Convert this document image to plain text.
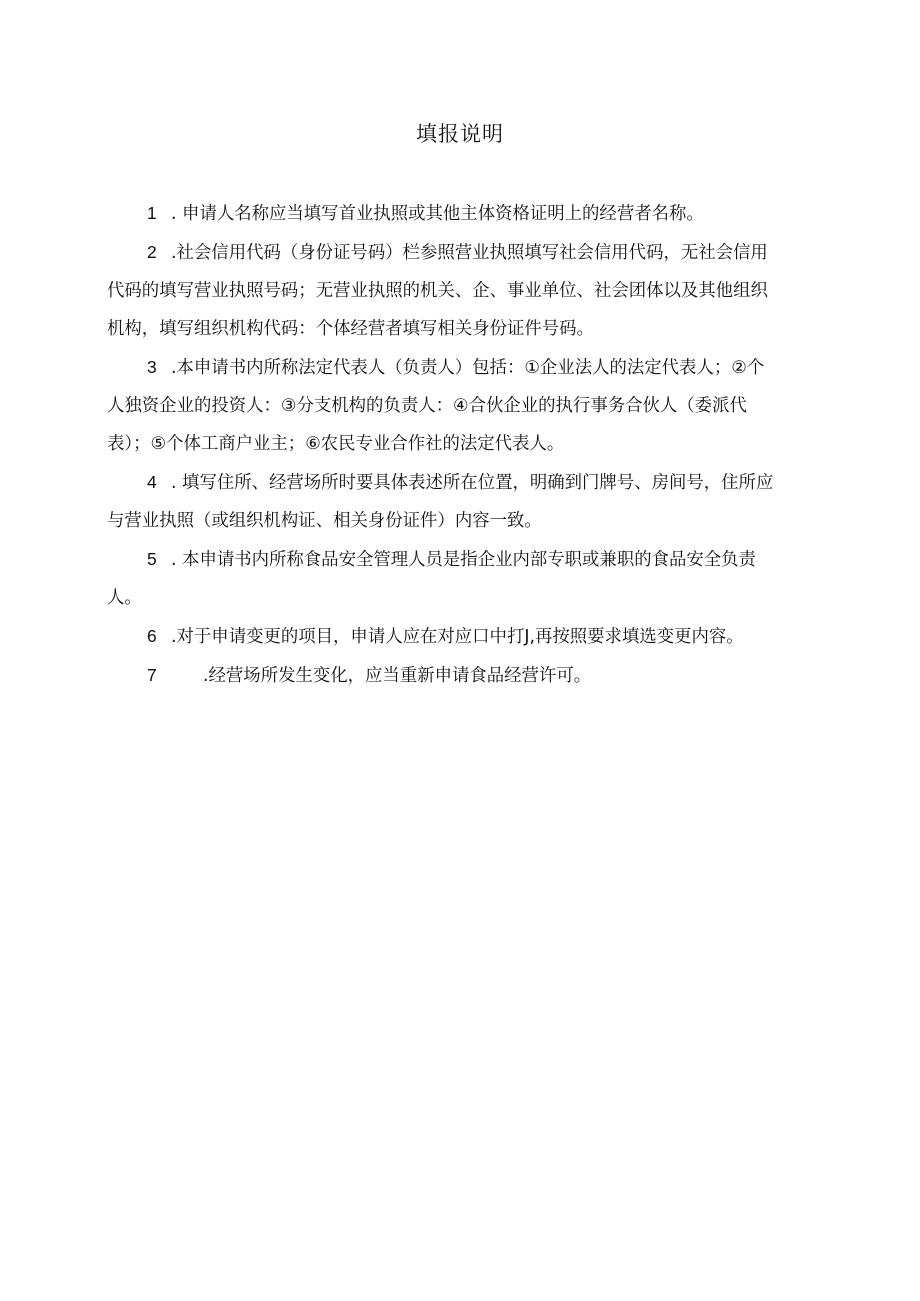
填报说明
1 . 申请人名称应当填写首业执照或其他主体资格证明上的经营者名称。
2 .社会信用代码（身份证号码）栏参照营业执照填写社会信用代码，无社会信用
代码的填写营业执照号码；无营业执照的机关、企、事业单位、社会团体以及其他组织
机构，填写组织机构代码：个体经营者填写相关身份证件号码。
3 .本申请书内所称法定代表人（负责人）包括：①企业法人的法定代表人；②个
人独资企业的投资人：③分支机构的负责人：④合伙企业的执行事务合伙人（委派代
表）；⑤个体工商户业主；⑥农民专业合作社的法定代表人。
4 . 填写住所、经营场所时要具体表述所在位置，明确到门牌号、房间号，住所应
与营业执照（或组织机构证、相关身份证件）内容一致。
5 . 本申请书内所称食品安全管理人员是指企业内部专职或兼职的食品安全负责
人。
6 .对于申请变更的项目，申请人应在对应口中打J,再按照要求填选变更内容。
7	.经营场所发生变化，应当重新申请食品经营许可。
